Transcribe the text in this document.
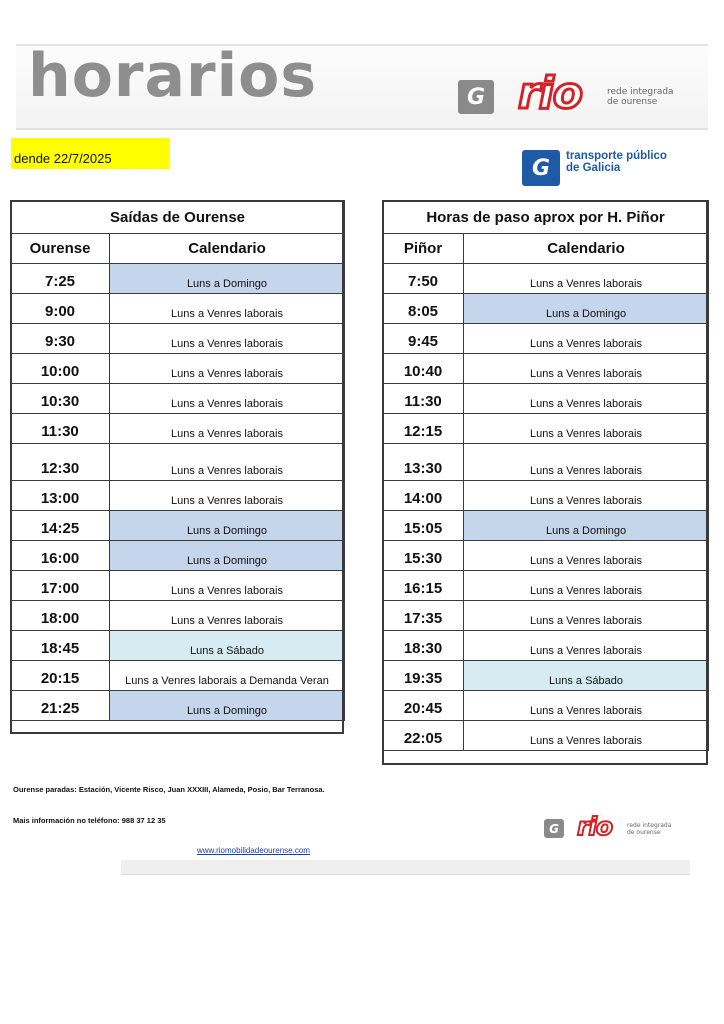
horarios	G rio	rede integrada
de ourense
dende 22/7/2025	G	transporte público
de Galicia
Saídas de Ourense	
Ourense	Calendario
7:25	Luns a Domingo
9:00	Luns a Venres laborais
9:30	Luns a Venres laborais
10:00	Luns a Venres laborais
10:30	Luns a Venres laborais
11:30	Luns a Venres laborais
12:30	Luns a Venres laborais
13:00	Luns a Venres laborais
14:25	Luns a Domingo
16:00	Luns a Domingo
17:00	Luns a Venres laborais
18:00	Luns a Venres laborais
18:45	Luns a Sábado
20:15	Luns a Venres laborais a Demanda Veran
21:25	Luns a Domingo
Horas de paso aprox por H. Piñor	
Piñor	Calendario
7:50	Luns a Venres laborais
8:05	Luns a Domingo
9:45	Luns a Venres laborais
10:40	Luns a Venres laborais
11:30	Luns a Venres laborais
12:15	Luns a Venres laborais
13:30	Luns a Venres laborais
14:00	Luns a Venres laborais
15:05	Luns a Domingo
15:30	Luns a Venres laborais
16:15	Luns a Venres laborais
17:35	Luns a Venres laborais
18:30	Luns a Venres laborais
19:35	Luns a Sábado
20:45	Luns a Venres laborais
22:05	Luns a Venres laborais
Ourense paradas: Estación, Vicente Risco, Juan XXXIII, Alameda, Posio, Bar Terranosa.
Mais información no teléfono: 988 37 12 35
G rio rede integrada
de ourense
www.riomobilidadeourense.com
